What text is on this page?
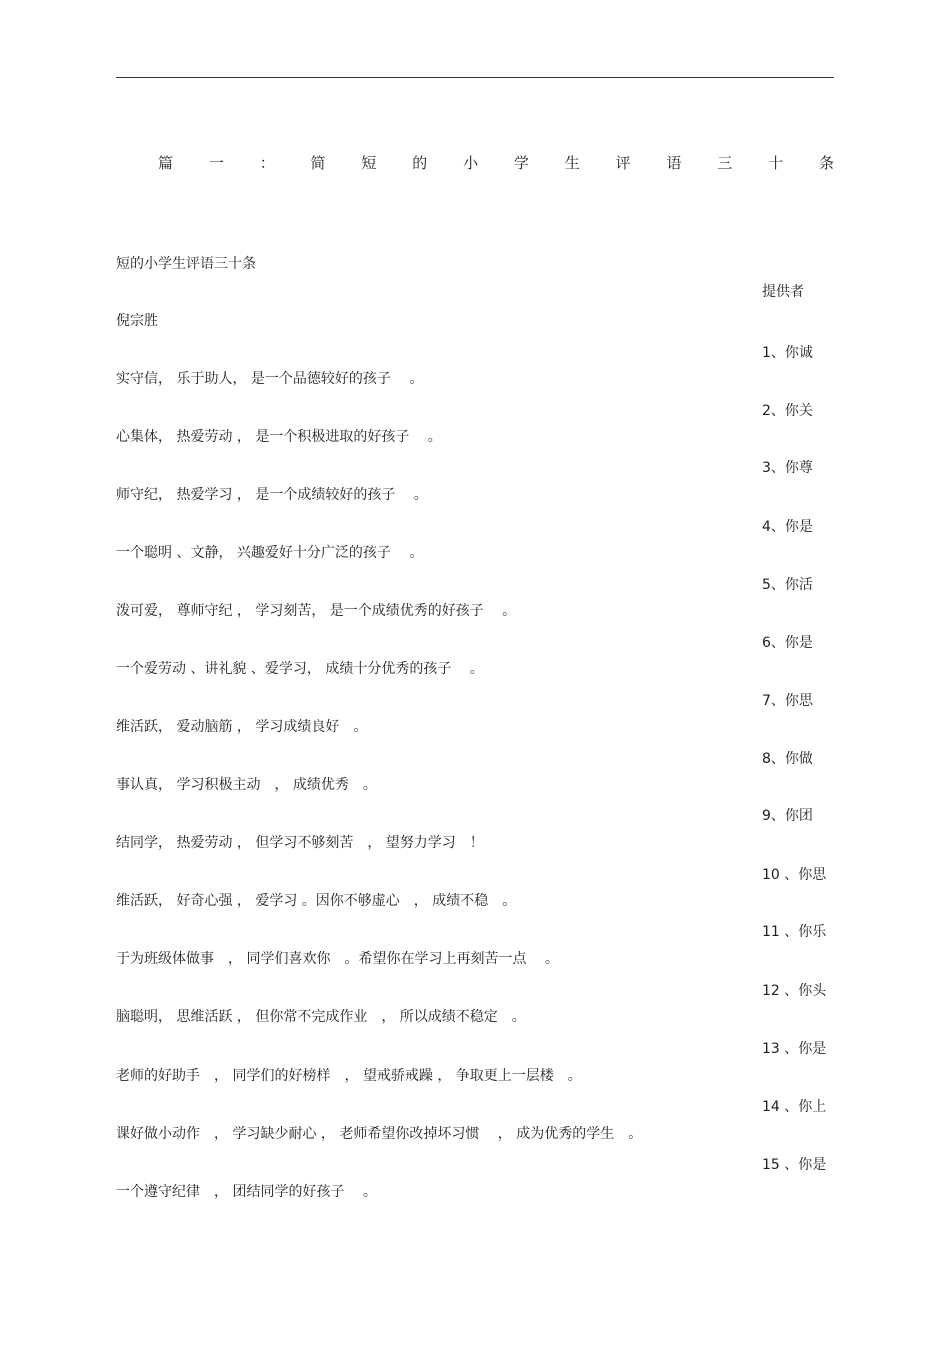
篇 一 ： 简 短 的 小 学 生 评 语 三 十 条
短的小学生评语三十条
提供者
倪宗胜
1、你诚
实守信， 乐于助人， 是一个品德较好的孩子　 。
2、你关
心集体， 热爱劳动 ， 是一个积极进取的好孩子　 。
3、你尊
师守纪， 热爱学习 ， 是一个成绩较好的孩子　 。
4、你是
一个聪明 、文静， 兴趣爱好十分广泛的孩子　 。
5、你活
泼可爱， 尊师守纪 ， 学习刻苦， 是一个成绩优秀的好孩子　 。
6、你是
一个爱劳动 、讲礼貌 、爱学习， 成绩十分优秀的孩子　 。
7、你思
维活跃， 爱动脑筋 ， 学习成绩良好　。
8、你做
事认真， 学习积极主动　， 成绩优秀　。
9、你团
结同学， 热爱劳动 ， 但学习不够刻苦　， 望努力学习　！
10 、你思
维活跃， 好奇心强 ， 爱学习 。因你不够虚心　， 成绩不稳　。
11 、你乐
于为班级体做事　， 同学们喜欢你　。希望你在学习上再刻苦一点　 。
12 、你头
脑聪明， 思维活跃 ， 但你常不完成作业　， 所以成绩不稳定　。
13 、你是
老师的好助手　， 同学们的好榜样　， 望戒骄戒躁 ， 争取更上一层楼　。
14 、你上
课好做小动作　， 学习缺少耐心 ， 老师希望你改掉坏习惯　 ， 成为优秀的学生　。
15 、你是
一个遵守纪律　， 团结同学的好孩子　 。
